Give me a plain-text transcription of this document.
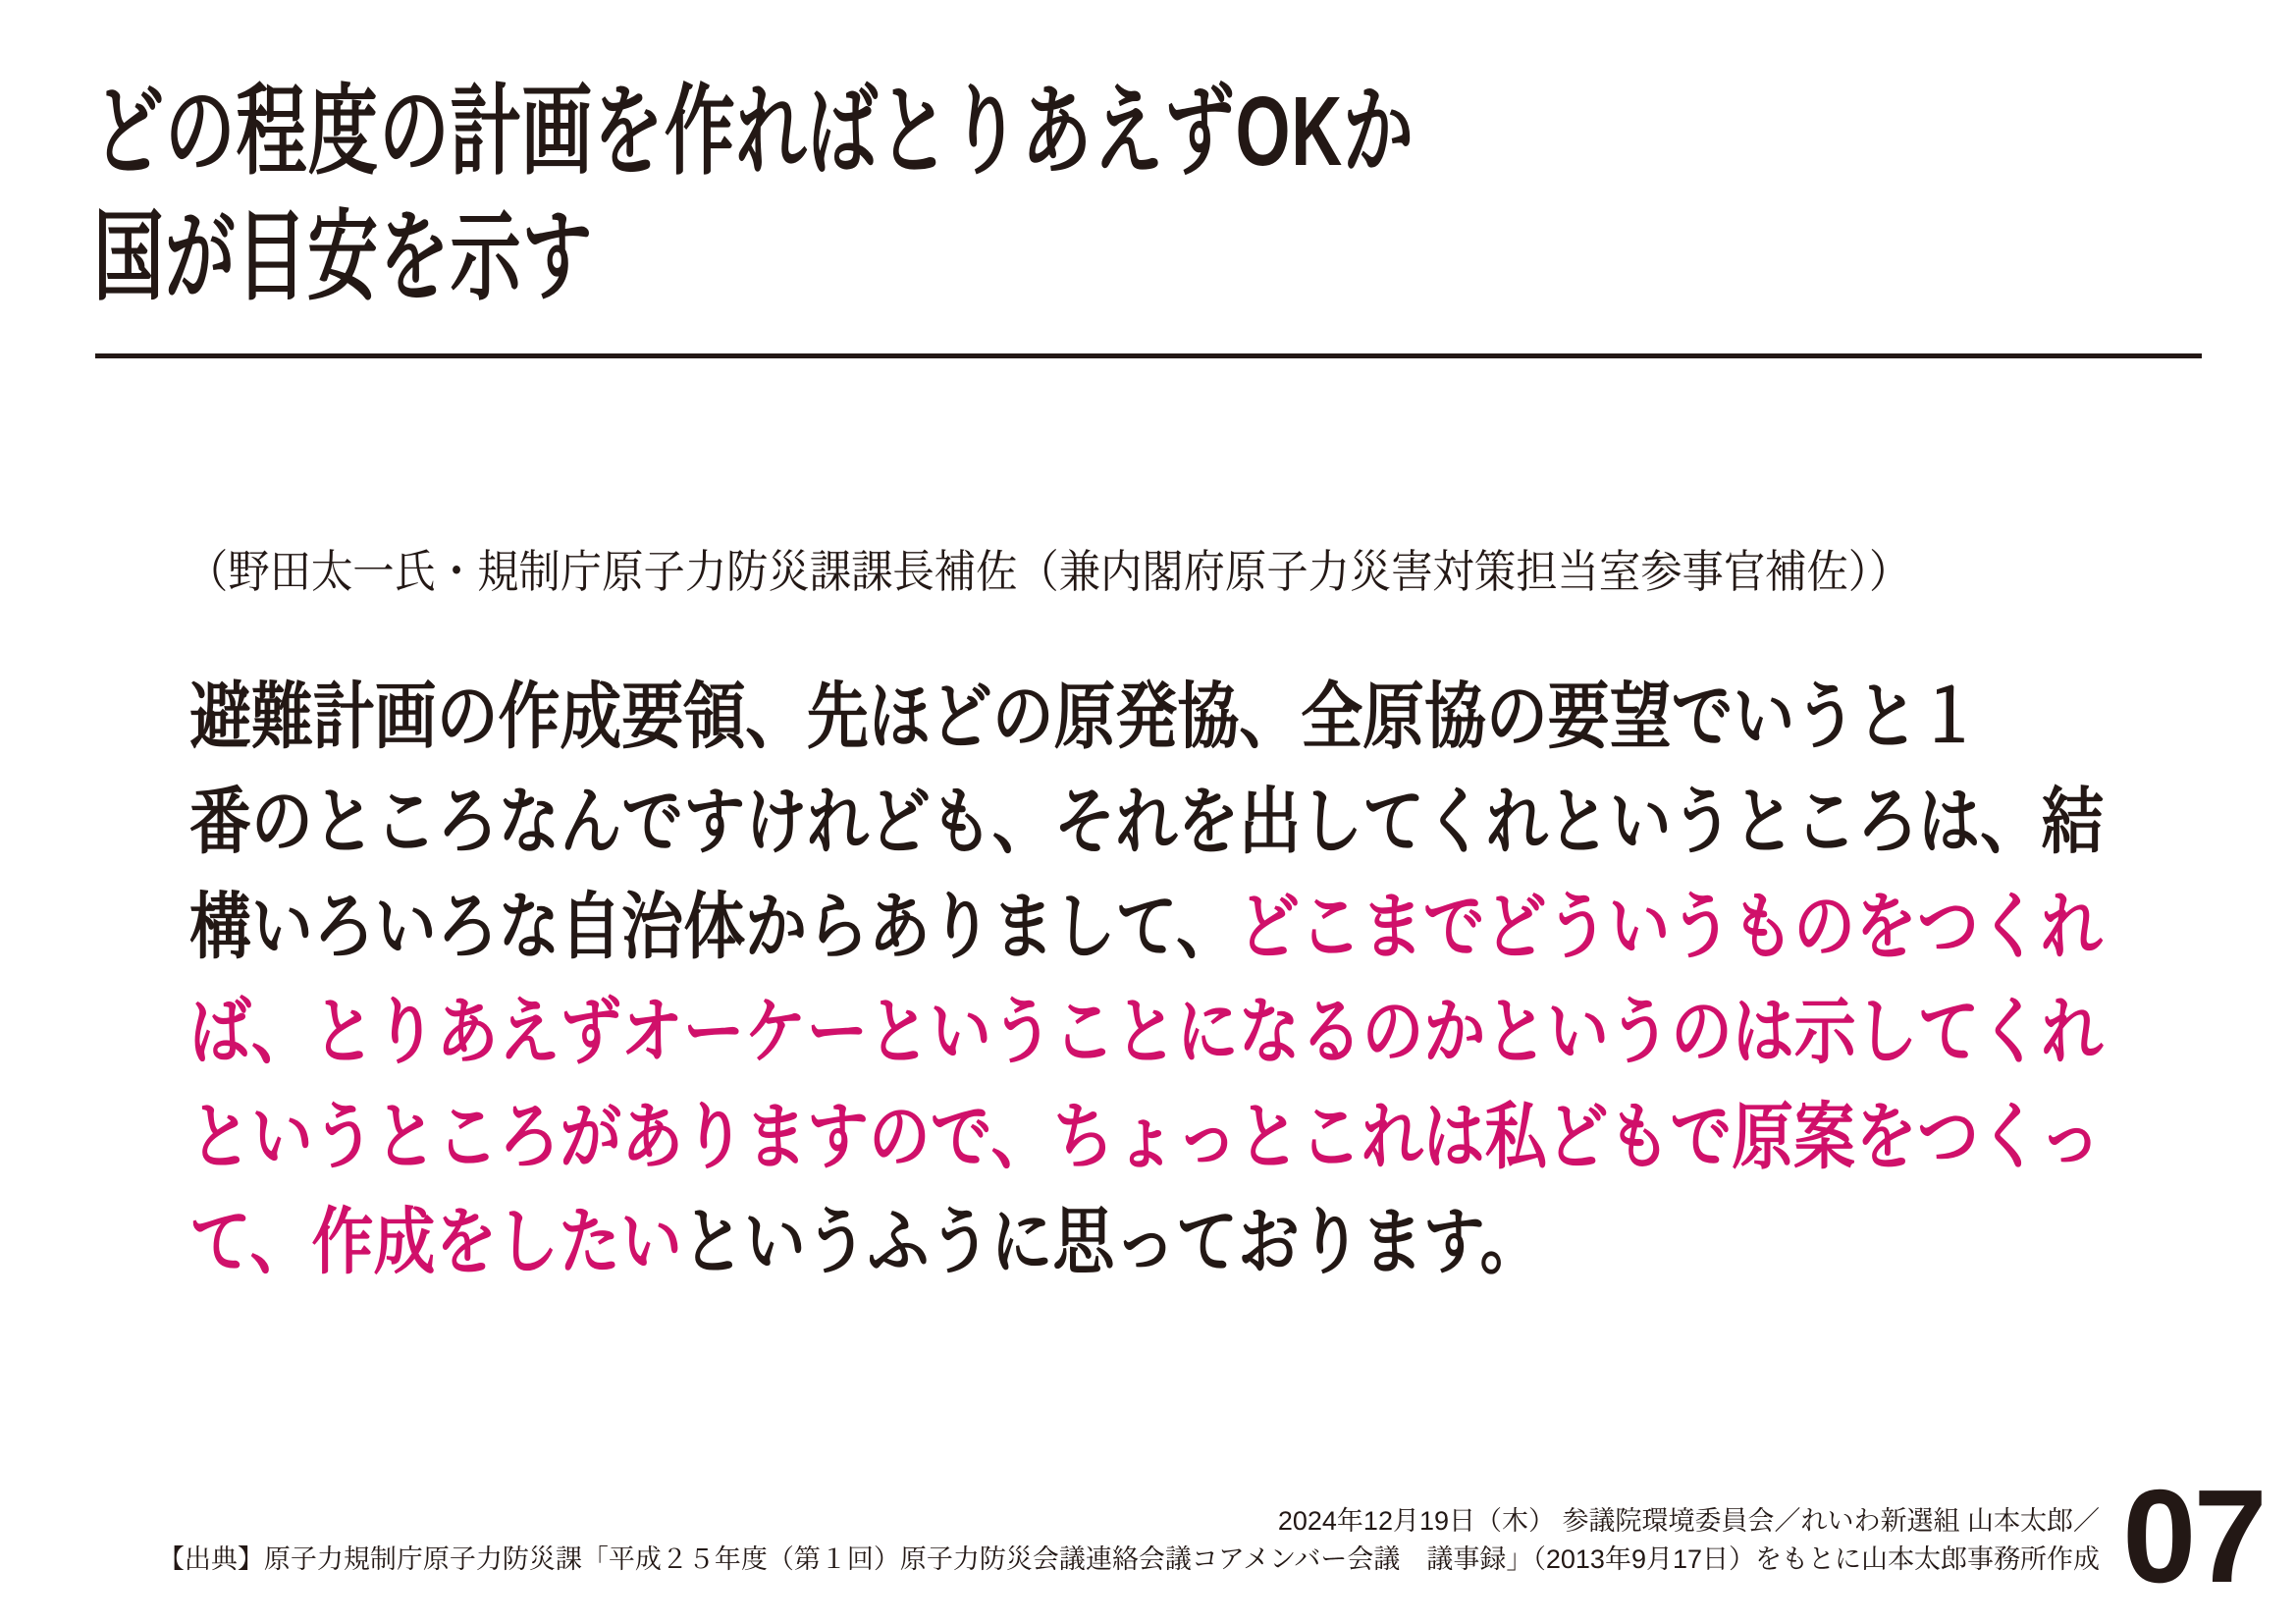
どの程度の計画を作ればとりあえずOKか
国が目安を示す

（野田太一氏・規制庁原子力防災課課長補佐（兼内閣府原子力災害対策担当室参事官補佐））

避難計画の作成要領、先ほどの原発協、全原協の要望でいうと１
番のところなんですけれども、それを出してくれというところは、結
構いろいろな自治体からありまして、どこまでどういうものをつくれ
ば、とりあえずオーケーということになるのかというのは示してくれ
というところがありますので、ちょっとこれは私どもで原案をつくっ
て、作成をしたいというふうに思っております。
2024年12月19日（木） 参議院環境委員会／れいわ新選組 山本太郎／
【出典】原子力規制庁原子力防災課「平成２５年度（第１回）原子力防災会議連絡会議コアメンバー会議　議事録」（2013年9月17日）をもとに山本太郎事務所作成 07
